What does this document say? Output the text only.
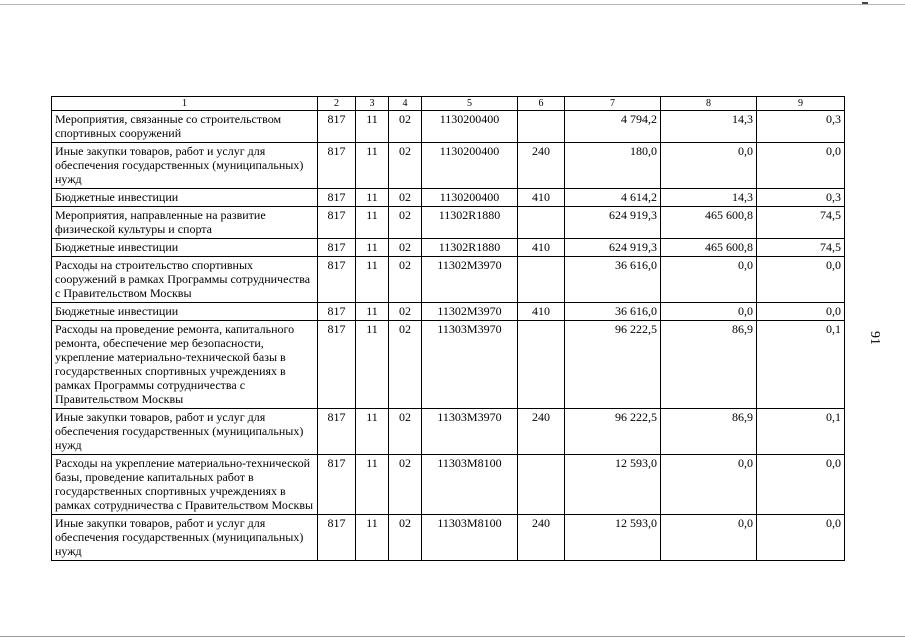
1	2	3	4	5	6	7	8	9
Мероприятия, связанные со строительством спортивных сооружений	817	11	02	1130200400		4 794,2	14,3	0,3
Иные закупки товаров, работ и услуг для обеспечения государственных (муниципальных) нужд	817	11	02	1130200400	240	180,0	0,0	0,0
Бюджетные инвестиции	817	11	02	1130200400	410	4 614,2	14,3	0,3
Мероприятия, направленные на развитие физической культуры и спорта	817	11	02	11302R1880		624 919,3	465 600,8	74,5
Бюджетные инвестиции	817	11	02	11302R1880	410	624 919,3	465 600,8	74,5
Расходы на строительство спортивных сооружений в рамках Программы сотрудничества с Правительством Москвы	817	11	02	11302M3970		36 616,0	0,0	0,0
Бюджетные инвестиции	817	11	02	11302M3970	410	36 616,0	0,0	0,0
Расходы на проведение ремонта, капитального ремонта, обеспечение мер безопасности, укрепление материально-технической базы в государственных спортивных учреждениях в рамках Программы сотрудничества с Правительством Москвы	817	11	02	11303M3970		96 222,5	86,9	0,1
Иные закупки товаров, работ и услуг для обеспечения государственных (муниципальных) нужд	817	11	02	11303M3970	240	96 222,5	86,9	0,1
Расходы на укрепление материально-технической базы, проведение капитальных работ в государственных спортивных учреждениях в рамках сотрудничества с Правительством Москвы	817	11	02	11303M8100		12 593,0	0,0	0,0
Иные закупки товаров, работ и услуг для обеспечения государственных (муниципальных) нужд	817	11	02	11303M8100	240	12 593,0	0,0	0,0
91
